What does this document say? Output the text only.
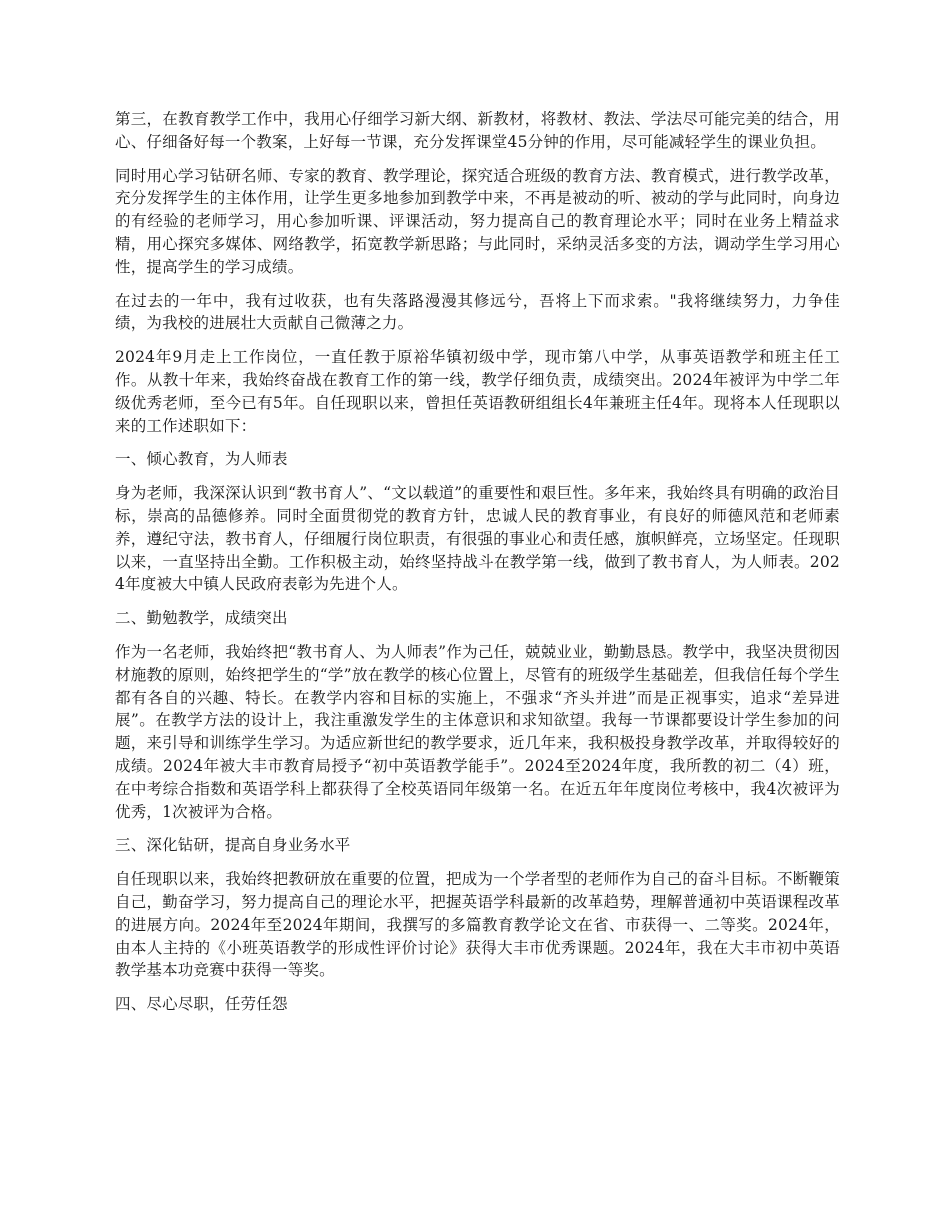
第三，在教育教学工作中，我用心仔细学习新大纲、新教材，将教材、教法、学法尽可能完美的结合，用心、仔细备好每一个教案，上好每一节课，充分发挥课堂45分钟的作用，尽可能减轻学生的课业负担。

同时用心学习钻研名师、专家的教育、教学理论，探究适合班级的教育方法、教育模式，进行教学改革，充分发挥学生的主体作用，让学生更多地参加到教学中来，不再是被动的听、被动的学与此同时，向身边的有经验的老师学习，用心参加听课、评课活动，努力提高自己的教育理论水平；同时在业务上精益求精，用心探究多媒体、网络教学，拓宽教学新思路；与此同时，采纳灵活多变的方法，调动学生学习用心性，提高学生的学习成绩。

在过去的一年中，我有过收获，也有失落路漫漫其修远兮，吾将上下而求索。"我将继续努力，力争佳绩，为我校的进展壮大贡献自己微薄之力。

2024年9月走上工作岗位，一直任教于原裕华镇初级中学，现市第八中学，从事英语教学和班主任工作。从教十年来，我始终奋战在教育工作的第一线，教学仔细负责，成绩突出。2024年被评为中学二年级优秀老师，至今已有5年。自任现职以来，曾担任英语教研组组长4年兼班主任4年。现将本人任现职以来的工作述职如下：

一、倾心教育，为人师表

身为老师，我深深认识到“教书育人”、“文以载道”的重要性和艰巨性。多年来，我始终具有明确的政治目标，崇高的品德修养。同时全面贯彻党的教育方针，忠诚人民的教育事业，有良好的师德风范和老师素养，遵纪守法，教书育人，仔细履行岗位职责，有很强的事业心和责任感，旗帜鲜亮，立场坚定。任现职以来，一直坚持出全勤。工作积极主动，始终坚持战斗在教学第一线，做到了教书育人，为人师表。2024年度被大中镇人民政府表彰为先进个人。

二、勤勉教学，成绩突出

作为一名老师，我始终把“教书育人、为人师表”作为己任，兢兢业业，勤勤恳恳。教学中，我坚决贯彻因材施教的原则，始终把学生的“学”放在教学的核心位置上，尽管有的班级学生基础差，但我信任每个学生都有各自的兴趣、特长。在教学内容和目标的实施上，不强求“齐头并进”而是正视事实，追求“差异进展”。在教学方法的设计上，我注重激发学生的主体意识和求知欲望。我每一节课都要设计学生参加的问题，来引导和训练学生学习。为适应新世纪的教学要求，近几年来，我积极投身教学改革，并取得较好的成绩。2024年被大丰市教育局授予“初中英语教学能手”。2024至2024年度，我所教的初二（4）班，在中考综合指数和英语学科上都获得了全校英语同年级第一名。在近五年年度岗位考核中，我4次被评为优秀，1次被评为合格。

三、深化钻研，提高自身业务水平

自任现职以来，我始终把教研放在重要的位置，把成为一个学者型的老师作为自己的奋斗目标。不断鞭策自己，勤奋学习，努力提高自己的理论水平，把握英语学科最新的改革趋势，理解普通初中英语课程改革的进展方向。2024年至2024年期间，我撰写的多篇教育教学论文在省、市获得一、二等奖。2024年，由本人主持的《小班英语教学的形成性评价讨论》获得大丰市优秀课题。2024年，我在大丰市初中英语教学基本功竞赛中获得一等奖。

四、尽心尽职，任劳任怨
